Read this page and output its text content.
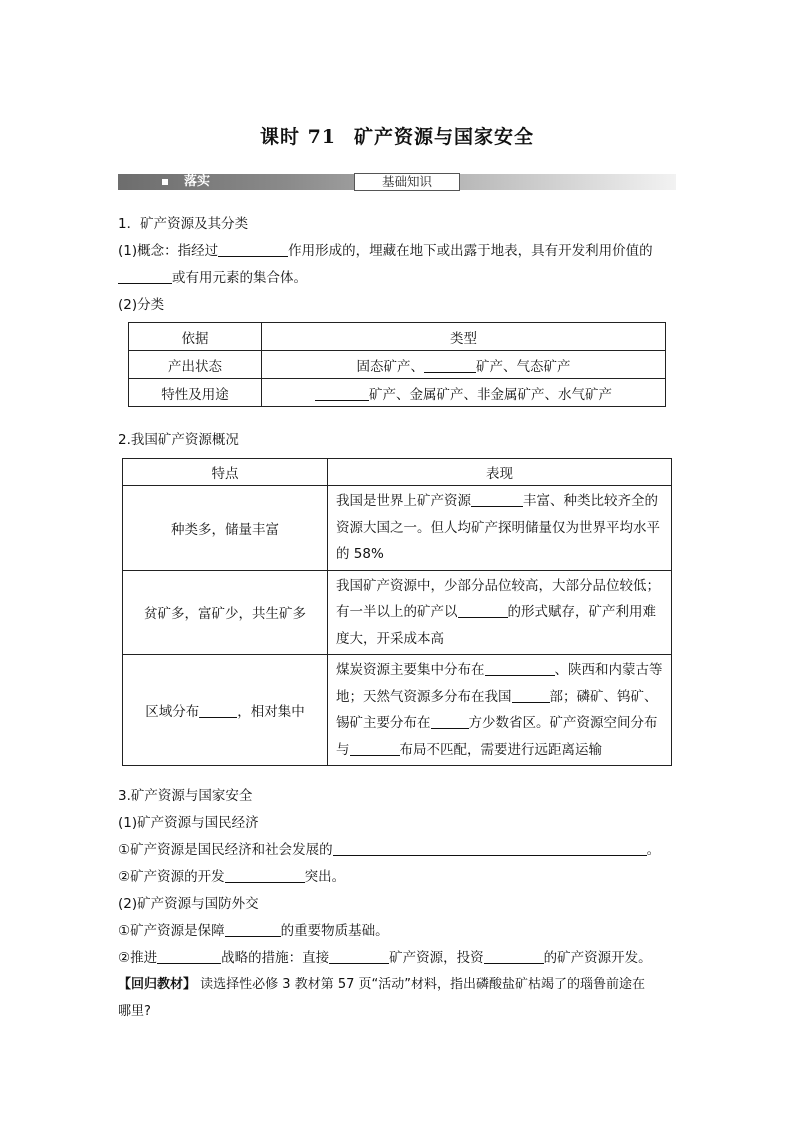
课时 71 矿产资源与国家安全
落实	基础知识
1．矿产资源及其分类
(1)概念：指经过	作用形成的，埋藏在地下或出露于地表，具有开发利用价值的
或有用元素的集合体。
(2)分类
依据	类型
产出状态	固态矿产、 矿产、气态矿产
特性及用途	矿产、金属矿产、非金属矿产、水气矿产
2.我国矿产资源概况
特点	表现
种类多，储量丰富	我国是世界上矿产资源 丰富、种类比较齐全的
资源大国之一。但人均矿产探明储量仅为世界平均水平
的 58%

贫矿多，富矿少，共生矿多	我国矿产资源中，少部分品位较高，大部分品位较低；
有一半以上的矿产以 的形式赋存，矿产利用难
度大，开采成本高

区域分布 ，相对集中	煤炭资源主要集中分布在 、陕西和内蒙古等
地；天然气资源多分布在我国 部；磷矿、钨矿、
锡矿主要分布在 方少数省区。矿产资源空间分布
与 布局不匹配，需要进行远距离运输
3.矿产资源与国家安全
(1)矿产资源与国民经济
①矿产资源是国民经济和社会发展的	。
②矿产资源的开发	突出。
(2)矿产资源与国防外交
①矿产资源是保障	的重要物质基础。
②推进	战略的措施：直接	矿产资源，投资	的矿产资源开发。
【回归教材】 读选择性必修 3 教材第 57 页“活动”材料，指出磷酸盐矿枯竭了的瑙鲁前途在
哪里?
